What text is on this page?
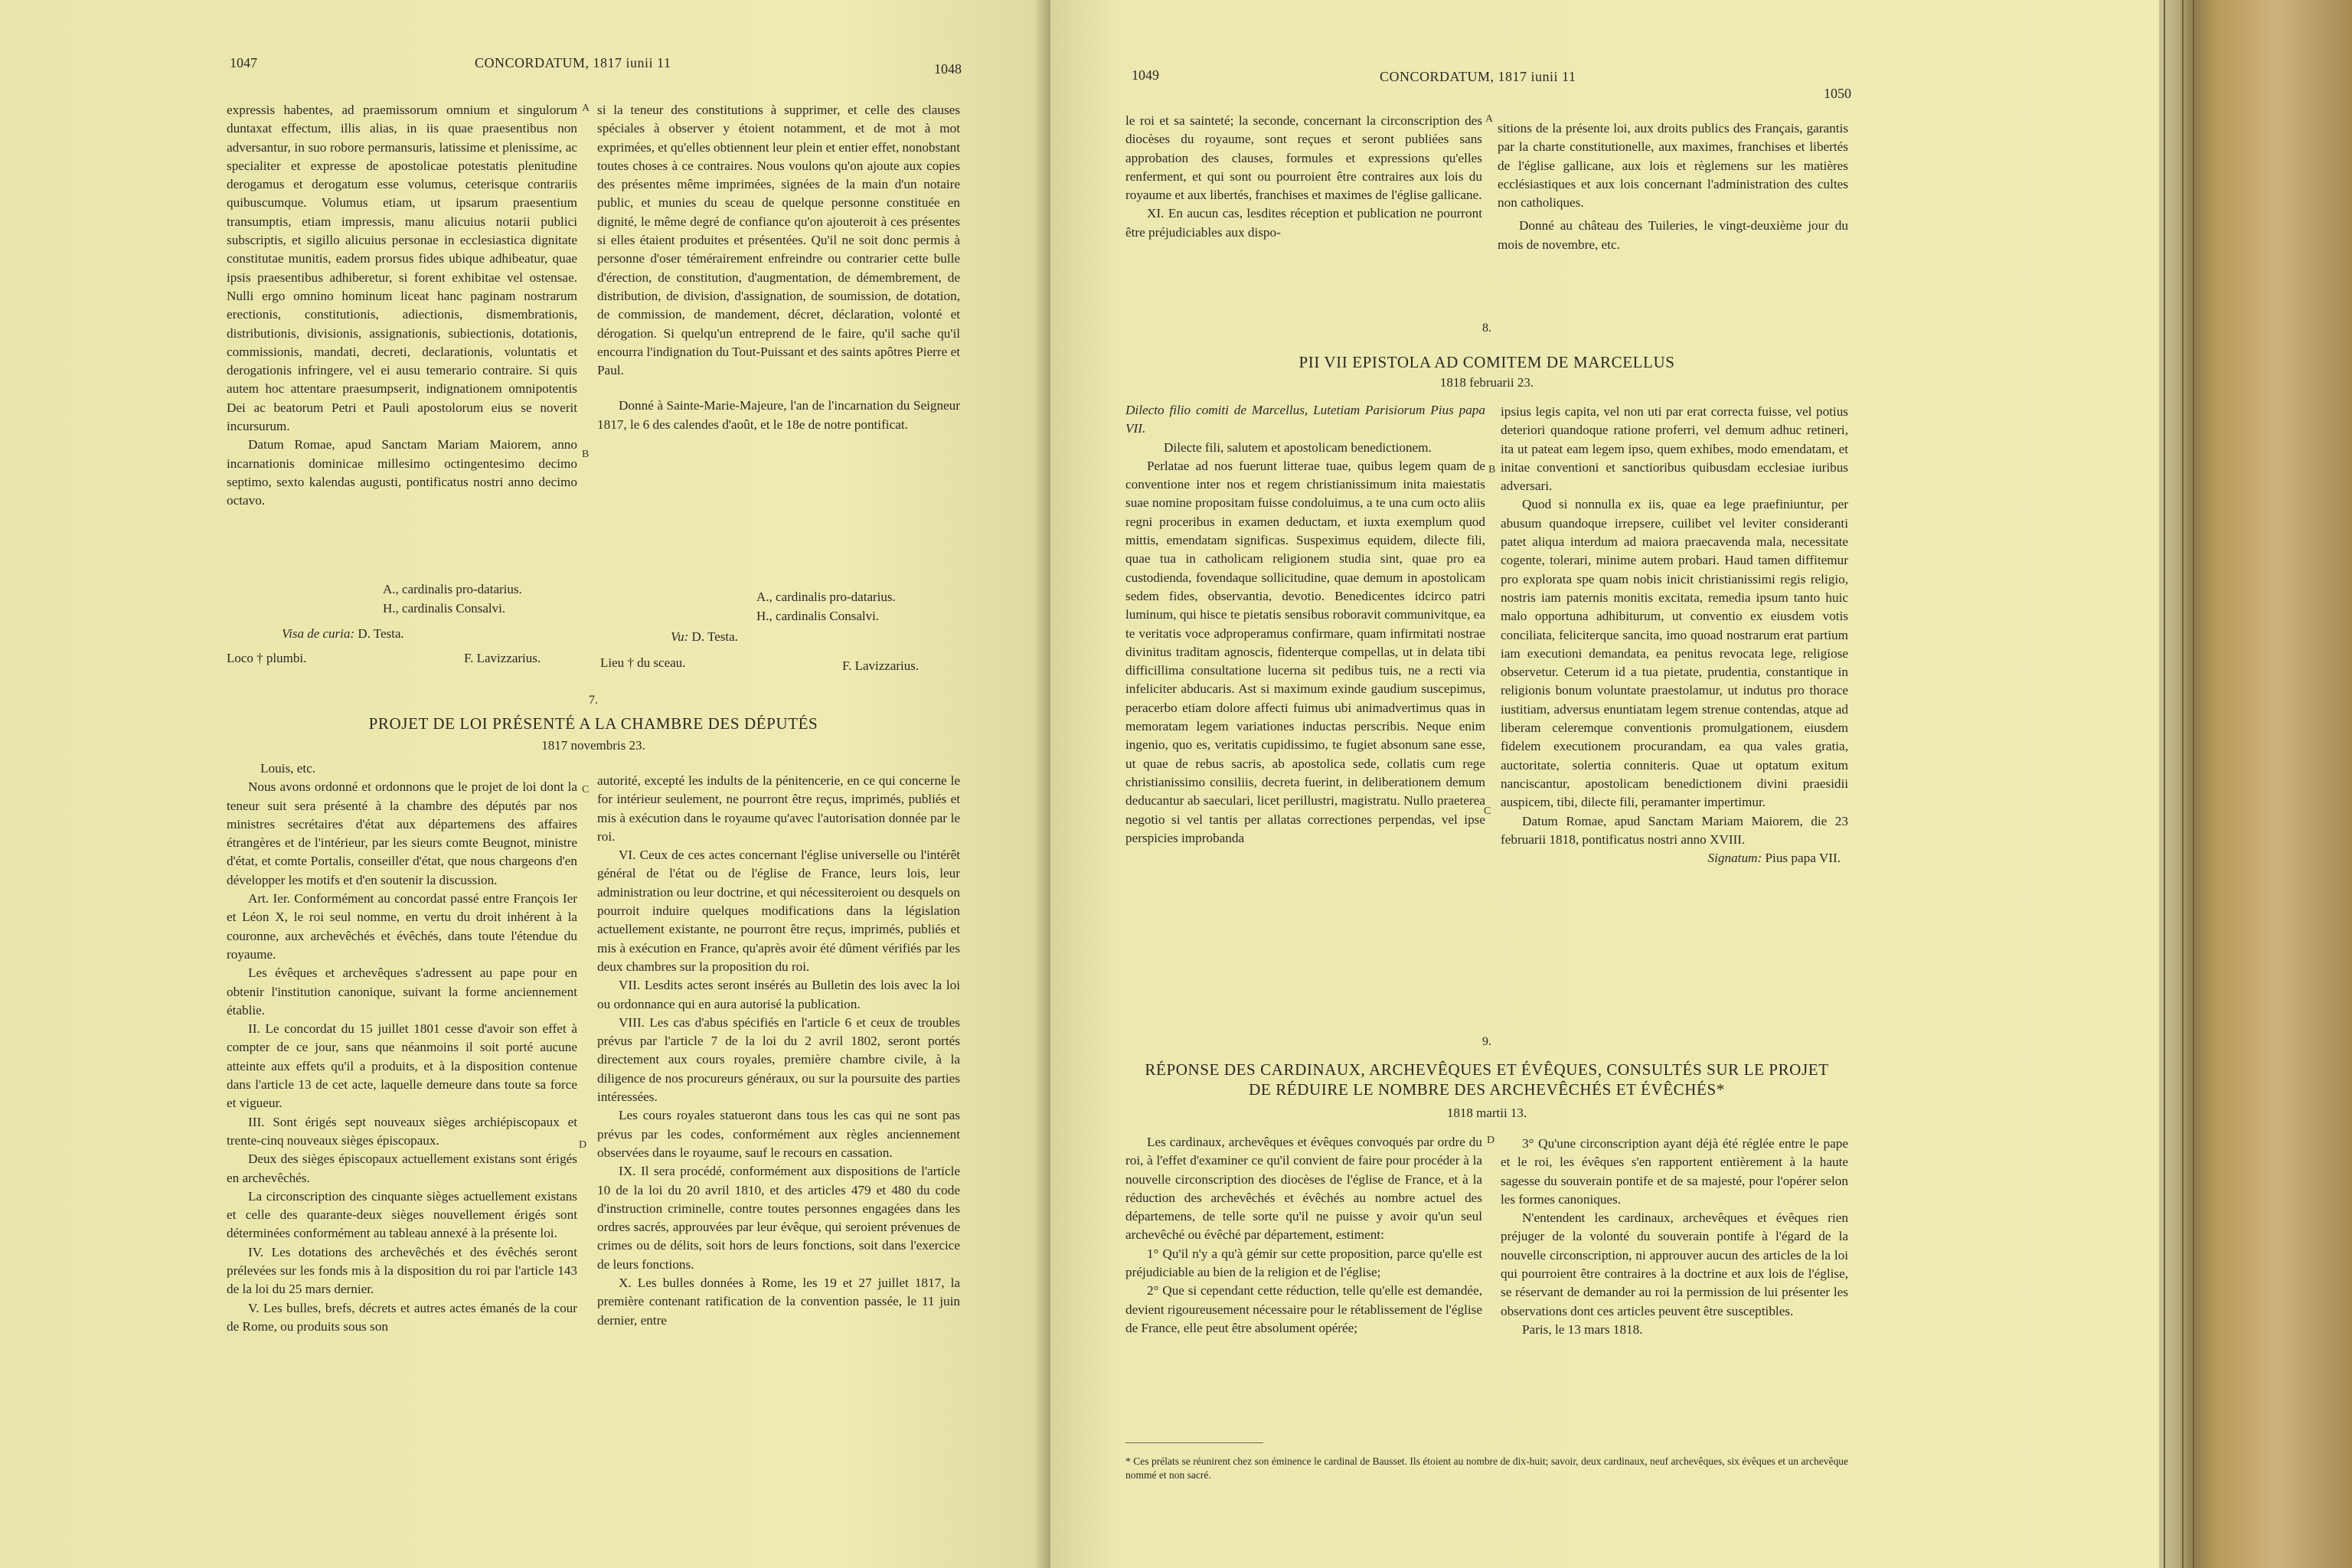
1047	CONCORDATUM, 1817 iunii 11	1048

expressis habentes, ad praemissorum omnium et singulorum duntaxat effectum, illis alias, in iis quae praesentibus non adversantur, in suo robore permansuris, latissime et plenissime, ac specialiter et expresse de apostolicae potestatis plenitudine derogamus et derogatum esse volumus, ceterisque contrariis quibuscumque. Volumus etiam, ut ipsarum praesentium transumptis, etiam impressis, manu alicuius notarii publici subscriptis, et sigillo alicuius personae in ecclesiastica dignitate constitutae munitis, eadem prorsus fides ubique adhibeatur, quae ipsis praesentibus adhiberetur, si forent exhibitae vel ostensae. Nulli ergo omnino hominum liceat hanc paginam nostrarum erectionis, constitutionis, adiectionis, dismembrationis, distributionis, divisionis, assignationis, subiectionis, dotationis, commissionis, mandati, decreti, declarationis, voluntatis et derogationis infringere, vel ei ausu temerario contraire. Si quis autem hoc attentare praesumpserit, indignationem omnipotentis Dei ac beatorum Petri et Pauli apostolorum eius se noverit incursurum.

Datum Romae, apud Sanctam Mariam Maiorem, anno incarnationis dominicae millesimo octingentesimo decimo septimo, sexto kalendas augusti, pontificatus nostri anno decimo octavo.

A
B
C
D

si la teneur des constitutions à supprimer, et celle des clauses spéciales à observer y étoient notamment, et de mot à mot exprimées, et qu'elles obtiennent leur plein et entier effet, nonobstant toutes choses à ce contraires. Nous voulons qu'on ajoute aux copies des présentes même imprimées, signées de la main d'un notaire public, et munies du sceau de quelque personne constituée en dignité, le même degré de confiance qu'on ajouteroit à ces présentes si elles étaient produites et présentées. Qu'il ne soit donc permis à personne d'oser témérairement enfreindre ou contrarier cette bulle d'érection, de constitution, d'augmentation, de démembrement, de distribution, de division, d'assignation, de soumission, de dotation, de commission, de mandement, décret, déclaration, volonté et dérogation. Si quelqu'un entreprend de le faire, qu'il sache qu'il encourra l'indignation du Tout-Puissant et des saints apôtres Pierre et Paul.

Donné à Sainte-Marie-Majeure, l'an de l'incarnation du Seigneur 1817, le 6 des calendes d'août, et le 18e de notre pontificat.

A., cardinalis pro-datarius.
H., cardinalis Consalvi.
Visa de curia: D. Testa.
Loco † plumbi.	F. Lavizzarius.
A., cardinalis pro-datarius.
H., cardinalis Consalvi.
Vu: D. Testa.
Lieu † du sceau.	F. Lavizzarius.
7.
PROJET DE LOI PRÉSENTÉ A LA CHAMBRE DES DÉPUTÉS
1817 novembris 23.

Louis, etc.

Nous avons ordonné et ordonnons que le projet de loi dont la teneur suit sera présenté à la chambre des députés par nos ministres secrétaires d'état aux départemens des affaires étrangères et de l'intérieur, par les sieurs comte Beugnot, ministre d'état, et comte Portalis, conseiller d'état, que nous chargeons d'en développer les motifs et d'en soutenir la discussion.

Art. Ier. Conformément au concordat passé entre François Ier et Léon X, le roi seul nomme, en vertu du droit inhérent à la couronne, aux archevêchés et évêchés, dans toute l'étendue du royaume.

Les évêques et archevêques s'adressent au pape pour en obtenir l'institution canonique, suivant la forme anciennement établie.

II. Le concordat du 15 juillet 1801 cesse d'avoir son effet à compter de ce jour, sans que néanmoins il soit porté aucune atteinte aux effets qu'il a produits, et à la disposition contenue dans l'article 13 de cet acte, laquelle demeure dans toute sa force et vigueur.

III. Sont érigés sept nouveaux sièges archiépiscopaux et trente-cinq nouveaux sièges épiscopaux.

Deux des sièges épiscopaux actuellement existans sont érigés en archevêchés.

La circonscription des cinquante sièges actuellement existans et celle des quarante-deux sièges nouvellement érigés sont déterminées conformément au tableau annexé à la présente loi.

IV. Les dotations des archevêchés et des évêchés seront prélevées sur les fonds mis à la disposition du roi par l'article 143 de la loi du 25 mars dernier.

V. Les bulles, brefs, décrets et autres actes émanés de la cour de Rome, ou produits sous son

autorité, excepté les indults de la pénitencerie, en ce qui concerne le for intérieur seulement, ne pourront être reçus, imprimés, publiés et mis à exécution dans le royaume qu'avec l'autorisation donnée par le roi.

VI. Ceux de ces actes concernant l'église universelle ou l'intérêt général de l'état ou de l'église de France, leurs lois, leur administration ou leur doctrine, et qui nécessiteroient ou desquels on pourroit induire quelques modifications dans la législation actuellement existante, ne pourront être reçus, imprimés, publiés et mis à exécution en France, qu'après avoir été dûment vérifiés par les deux chambres sur la proposition du roi.

VII. Lesdits actes seront insérés au Bulletin des lois avec la loi ou ordonnance qui en aura autorisé la publication.

VIII. Les cas d'abus spécifiés en l'article 6 et ceux de troubles prévus par l'article 7 de la loi du 2 avril 1802, seront portés directement aux cours royales, première chambre civile, à la diligence de nos procureurs généraux, ou sur la poursuite des parties intéressées.

Les cours royales statueront dans tous les cas qui ne sont pas prévus par les codes, conformément aux règles anciennement observées dans le royaume, sauf le recours en cassation.

IX. Il sera procédé, conformément aux dispositions de l'article 10 de la loi du 20 avril 1810, et des articles 479 et 480 du code d'instruction criminelle, contre toutes personnes engagées dans les ordres sacrés, approuvées par leur évêque, qui seroient prévenues de crimes ou de délits, soit hors de leurs fonctions, soit dans l'exercice de leurs fonctions.

X. Les bulles données à Rome, les 19 et 27 juillet 1817, la première contenant ratification de la convention passée, le 11 juin dernier, entre

1049	CONCORDATUM, 1817 iunii 11
1050

le roi et sa sainteté; la seconde, concernant la circonscription des diocèses du royaume, sont reçues et seront publiées sans approbation des clauses, formules et expressions qu'elles renferment, et qui sont ou pourroient être contraires aux lois du royaume et aux libertés, franchises et maximes de l'église gallicane.

XI. En aucun cas, lesdites réception et publication ne pourront être préjudiciables aux dispo-

A

sitions de la présente loi, aux droits publics des Français, garantis par la charte constitutionelle, aux maximes, franchises et libertés de l'église gallicane, aux lois et règlemens sur les matières ecclésiastiques et aux lois concernant l'administration des cultes non catholiques.

Donné au château des Tuileries, le vingt-deuxième jour du mois de novembre, etc.

8.
PII VII EPISTOLA AD COMITEM DE MARCELLUS
1818 februarii 23.

Dilecto filio comiti de Marcellus, Lutetiam Parisiorum Pius papa VII.

Dilecte fili, salutem et apostolicam benedictionem.

Perlatae ad nos fuerunt litterae tuae, quibus legem quam de conventione inter nos et regem christianissimum inita maiestatis suae nomine propositam fuisse condoluimus, a te una cum octo aliis regni proceribus in examen deductam, et iuxta exemplum quod mittis, emendatam significas. Suspeximus equidem, dilecte fili, quae tua in catholicam religionem studia sint, quae pro ea custodienda, fovendaque sollicitudine, quae demum in apostolicam sedem fides, observantia, devotio. Benedicentes idcirco patri luminum, qui hisce te pietatis sensibus roboravit communivitque, ea te veritatis voce adproperamus confirmare, quam infirmitati nostrae divinitus traditam agnoscis, fidenterque compellas, ut in delata tibi difficillima consultatione lucerna sit pedibus tuis, ne a recti via infeliciter abducaris. Ast si maximum exinde gaudium suscepimus, peracerbo etiam dolore affecti fuimus ubi animadvertimus quas in memoratam legem variationes inductas perscribis. Neque enim ingenio, quo es, veritatis cupidissimo, te fugiet absonum sane esse, ut quae de rebus sacris, ab apostolica sede, collatis cum rege christianissimo consiliis, decreta fuerint, in deliberationem demum deducantur ab saeculari, licet perillustri, magistratu. Nullo praeterea negotio si vel tantis per allatas correctiones perpendas, vel ipse perspicies improbanda

B
C

ipsius legis capita, vel non uti par erat correcta fuisse, vel potius deteriori quandoque ratione proferri, vel demum adhuc retineri, ita ut pateat eam legem ipso, quem exhibes, modo emendatam, et initae conventioni et sanctioribus quibusdam ecclesiae iuribus adversari.

Quod si nonnulla ex iis, quae ea lege praefiniuntur, per abusum quandoque irrepsere, cuilibet vel leviter consideranti patet aliqua interdum ad maiora praecavenda mala, necessitate cogente, tolerari, minime autem probari. Haud tamen diffitemur pro explorata spe quam nobis inicit christianissimi regis religio, nostris iam paternis monitis excitata, remedia ipsum tanto huic malo opportuna adhibiturum, ut conventio ex eiusdem votis conciliata, feliciterque sancita, imo quoad nostrarum erat partium iam executioni demandata, ea penitus revocata lege, religiose observetur. Ceterum id a tua pietate, prudentia, constantique in religionis bonum voluntate praestolamur, ut indutus pro thorace iustitiam, adversus enuntiatam legem strenue contendas, atque ad liberam celeremque conventionis promulgationem, eiusdem fidelem executionem procurandam, ea qua vales gratia, auctoritate, solertia conniteris. Quae ut optatum exitum nanciscantur, apostolicam benedictionem divini praesidii auspicem, tibi, dilecte fili, peramanter impertimur.

Datum Romae, apud Sanctam Mariam Maiorem, die 23 februarii 1818, pontificatus nostri anno XVIII.

Signatum: Pius papa VII.

9.
RÉPONSE DES CARDINAUX, ARCHEVÊQUES ET ÉVÊQUES, CONSULTÉS SUR LE PROJET
DE RÉDUIRE LE NOMBRE DES ARCHEVÊCHÉS ET ÉVÊCHÉS*
1818 martii 13.

Les cardinaux, archevêques et évêques convoqués par ordre du roi, à l'effet d'examiner ce qu'il convient de faire pour procéder à la nouvelle circonscription des diocèses de l'église de France, et à la réduction des archevêchés et évêchés au nombre actuel des départemens, de telle sorte qu'il ne puisse y avoir qu'un seul archevêché ou évêché par département, estiment:

1° Qu'il n'y a qu'à gémir sur cette proposition, parce qu'elle est préjudiciable au bien de la religion et de l'église;

2° Que si cependant cette réduction, telle qu'elle est demandée, devient rigoureusement nécessaire pour le rétablissement de l'église de France, elle peut être absolument opérée;

D	3° Qu'une circonscription ayant déjà été réglée entre le pape et le roi, les évêques s'en rapportent entièrement à la haute sagesse du souverain pontife et de sa majesté, pour l'opérer selon les formes canoniques.

N'entendent les cardinaux, archevêques et évêques rien préjuger de la volonté du souverain pontife à l'égard de la nouvelle circonscription, ni approuver aucun des articles de la loi qui pourroient être contraires à la doctrine et aux lois de l'église, se réservant de demander au roi la permission de lui présenter les observations dont ces articles peuvent être susceptibles.

Paris, le 13 mars 1818.

* Ces prélats se réunirent chez son éminence le cardinal de Bausset. Ils étoient au nombre de dix-huit; savoir, deux cardinaux, neuf archevêques, six évêques et un archevêque nommé et non sacré.
